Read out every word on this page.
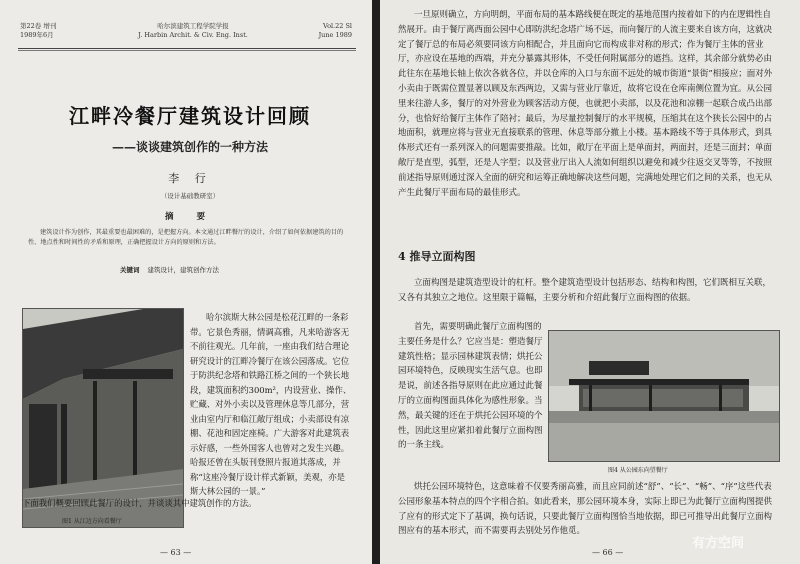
第22卷 增刊
1989年6月
哈尔滨建筑工程学院学报
J. Harbin Archit. & Civ. Eng. Inst.
Vol.22 Sl
June 1989
江畔冷餐厅建筑设计回顾
——谈谈建筑创作的一种方法
李 行
（设计基础教研室）
摘 要
建筑设计作为创作，其最重要也最困难的，是把握方向。本文通过江畔餐厅的设计，介绍了如何依据建筑的目的性、地点性和时间性的矛盾和原理，正确把握设计方向的原则和方法。
关键词 建筑设计，建筑创作方法
图1 从江边方向看餐厅
哈尔滨斯大林公园是松花江畔的一条彩带。它景色秀丽，情调高雅，凡来哈游客无不前往观光。几年前，一座由我们结合理论研究设计的江畔冷餐厅在该公园落成。它位于防洪纪念塔和铁路江桥之间的一个狭长地段，建筑面积约300m²，内设营业、操作、贮藏、对外小卖以及管理休息等几部分，营业由室内厅和临江敞厅组成；小卖部设有凉棚、花池和固定座椅。广大游客对此建筑表示好感，一些外国客人也曾对之发生兴趣。哈报还曾在头版刊登照片报道其落成，并称“这座冷餐厅设计样式新颖，美观，亦是斯大林公园的一景。”
下面我们概要回顾此餐厅的设计，并谈谈其中建筑创作的方法。
— 63 —
一旦原则确立，方向明朗，平面布局的基本路线便在既定的基地范围内按着如下的内在逻辑性自然展开。由于餐厅离西面公园中心即防洪纪念塔广场不远，而向餐厅的人流主要来自该方向，这就决定了餐厅总的布局必须要同该方向相配合，并且面向它而构成非对称的形式；作为餐厅主体的营业厅，亦应设在基地的西端，并充分暴露其形体，不受任何附属部分的遮挡。这样，其余部分就势必由此往东在基地长轴上依次各就各位，并以仓库的入口与东面不远处的城市街道“景街”相接应；面对外小卖由于既需位置显著以顾及东西两边，又需与营业厅靠近，故将它设在仓库南侧位置为宜。从公园里来往游人多，餐厅的对外营业为顾客活动方便，也就把小卖部，以及花池和凉棚一起联合成凸出部分，也恰好给餐厅主体作了陪衬；最后，为尽量控制餐厅的水平规模，压缩其在这个狭长公园中的占地面积，就理应将与营业无直接联系的管理、休息等部分撤上小楼。基本路线不等于具体形式，到具体形式还有一系列深入的问题需要推敲。比如，敞厅在平面上是单面封，两面封，还是三面封；单面敞厅是直型，弧型，还是人字型；以及营业厅出入人流如何组织以避免和减少往返交叉等等，不按照前述指导原则通过深入全面的研究和运筹正确地解决这些问题，完满地处理它们之间的关系，也无从产生此餐厅平面布局的最佳形式。
4 推导立面构图
立面构图是建筑造型设计的杠杆。整个建筑造型设计包括形态、结构和构图，它们既相互关联，又各有其独立之地位。这里限于篇幅，主要分析和介绍此餐厅立面构图的依据。
首先，需要明确此餐厅立面构图的主要任务是什么？它应当是：塑造餐厅建筑性格；显示园林建筑表情；烘托公园环境特色，反映现实生活气息。也即是说，前述各指导原则在此应通过此餐厅的立面构图面具体化为感性形象。当然，最关键的还在于烘托公园环境的个性，因此这里应紧扣着此餐厅立面构图的一条主线。
图4 从公园东向望餐厅
烘托公园环境特色，这意味着不仅要秀丽高雅，而且应同前述“舒”、“长”、“畅”、“序”这些代表公园形象基本特点的四个字相合拍。如此看来，那公园环境本身，实际上即已为此餐厅立面构图提供了应有的形式定下了基调，换句话说，只要此餐厅立面构图恰当地依据，即已可推导出此餐厅立面构图应有的基本形式，而不需要再去别处另作他觅。
— 66 —
有方空间
